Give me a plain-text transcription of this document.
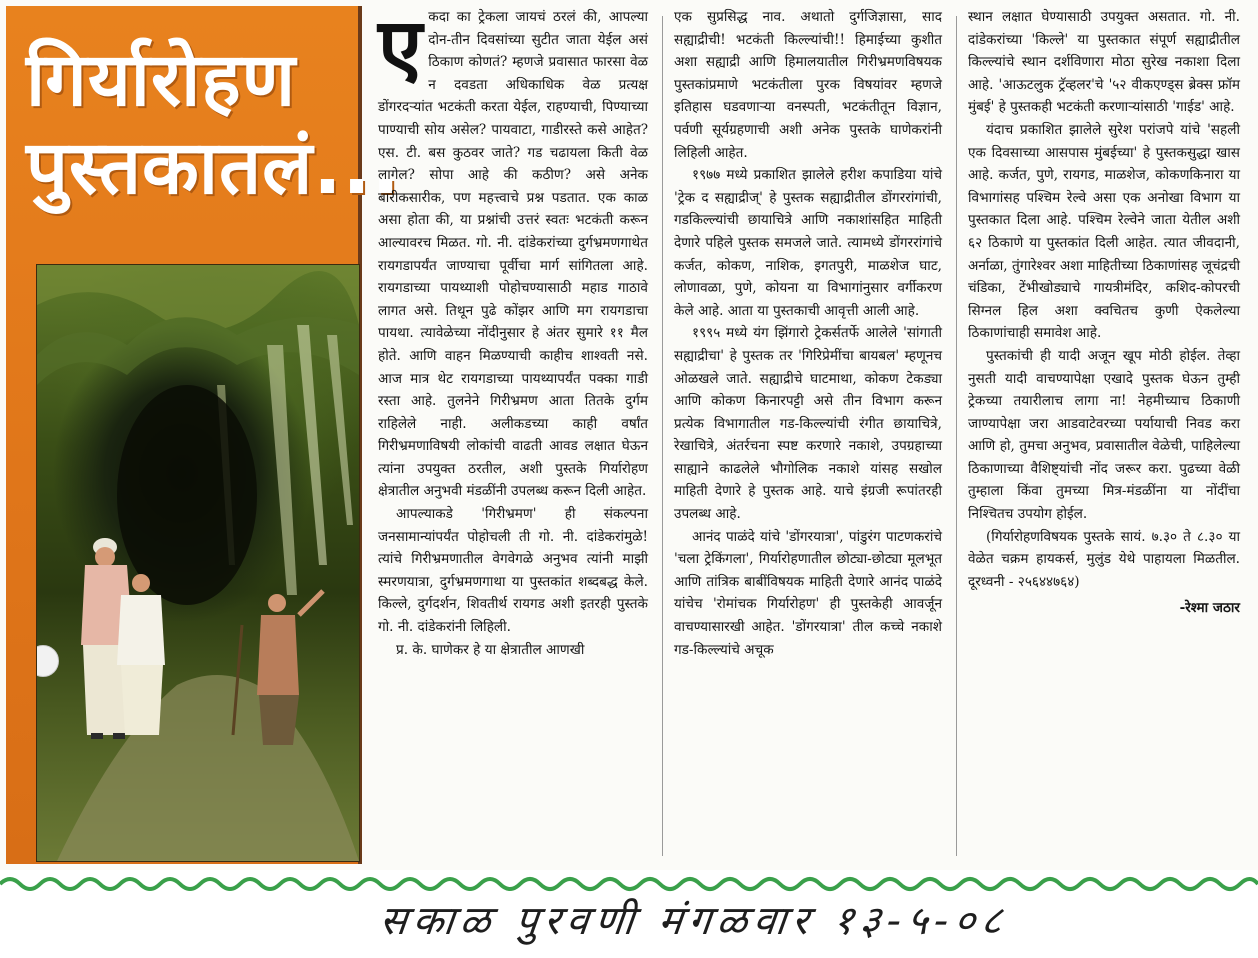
गिर्यारोहण
पुस्तकातलं...

एकदा का ट्रेकला जायचं ठरलं की, आपल्या दोन-तीन दिवसांच्या सुटीत जाता येईल असं ठिकाण कोणतं? म्हणजे प्रवासात फारसा वेळ न दवडता अधिकाधिक वेळ प्रत्यक्ष डोंगरदऱ्यांत भटकंती करता येईल, राहण्याची, पिण्याच्या पाण्याची सोय असेल? पायवाटा, गाडीरस्ते कसे आहेत? एस. टी. बस कुठवर जाते? गड चढायला किती वेळ लागेल? सोपा आहे की कठीण? असे अनेक बारीकसारीक, पण महत्त्वाचे प्रश्न पडतात. एक काळ असा होता की, या प्रश्नांची उत्तरं स्वतः भटकंती करून आल्यावरच मिळत. गो. नी. दांडेकरांच्या दुर्गभ्रमणगाथेत रायगडापर्यंत जाण्याचा पूर्वीचा मार्ग सांगितला आहे. रायगडाच्या पायथ्याशी पोहोचण्यासाठी महाड गाठावे लागत असे. तिथून पुढे कोंझर आणि मग रायगडाचा पायथा. त्यावेळेच्या नोंदीनुसार हे अंतर सुमारे ११ मैल होते. आणि वाहन मिळण्याची काहीच शाश्वती नसे. आज मात्र थेट रायगडाच्या पायथ्यापर्यंत पक्का गाडी रस्ता आहे. तुलनेने गिरीभ्रमण आता तितके दुर्गम राहिलेले नाही. अलीकडच्या काही वर्षांत गिरीभ्रमणाविषयी लोकांची वाढती आवड लक्षात घेऊन त्यांना उपयुक्त ठरतील, अशी पुस्तके गिर्यारोहण क्षेत्रातील अनुभवी मंडळींनी उपलब्ध करून दिली आहेत.

आपल्याकडे 'गिरीभ्रमण' ही संकल्पना जनसामान्यांपर्यंत पोहोचली ती गो. नी. दांडेकरांमुळे! त्यांचे गिरीभ्रमणातील वेगवेगळे अनुभव त्यांनी माझी स्मरणयात्रा, दुर्गभ्रमणगाथा या पुस्तकांत शब्दबद्ध केले. किल्ले, दुर्गदर्शन, शिवतीर्थ रायगड अशी इतरही पुस्तके गो. नी. दांडेकरांनी लिहिली.

प्र. के. घाणेकर हे या क्षेत्रातील आणखी

एक सुप्रसिद्ध नाव. अथातो दुर्गजिज्ञासा, साद सह्याद्रीची! भटकंती किल्ल्यांची!! हिमाईच्या कुशीत अशा सह्याद्री आणि हिमालयातील गिरीभ्रमणविषयक पुस्तकांप्रमाणे भटकंतीला पुरक विषयांवर म्हणजे इतिहास घडवणाऱ्या वनस्पती, भटकंतीतून विज्ञान, पर्वणी सूर्यग्रहणाची अशी अनेक पुस्तके घाणेकरांनी लिहिली आहेत.

१९७७ मध्ये प्रकाशित झालेले हरीश कपाडिया यांचे 'ट्रेक द सह्याद्रीज्' हे पुस्तक सह्याद्रीतील डोंगररांगांची, गडकिल्ल्यांची छायाचित्रे आणि नकाशांसहित माहिती देणारे पहिले पुस्तक समजले जाते. त्यामध्ये डोंगररांगांचे कर्जत, कोकण, नाशिक, इगतपुरी, माळशेज घाट, लोणावळा, पुणे, कोयना या विभागांनुसार वर्गीकरण केले आहे. आता या पुस्तकाची आवृत्ती आली आहे.

१९९५ मध्ये यंग झिंगारो ट्रेकर्सतर्फे आलेले 'सांगाती सह्याद्रीचा' हे पुस्तक तर 'गिरिप्रेमींचा बायबल' म्हणूनच ओळखले जाते. सह्याद्रीचे घाटमाथा, कोकण टेकड्या आणि कोकण किनारपट्टी असे तीन विभाग करून प्रत्येक विभागातील गड-किल्ल्यांची रंगीत छायाचित्रे, रेखाचित्रे, अंतर्रचना स्पष्ट करणारे नकाशे, उपग्रहाच्या साह्याने काढलेले भौगोलिक नकाशे यांसह सखोल माहिती देणारे हे पुस्तक आहे. याचे इंग्रजी रूपांतरही उपलब्ध आहे.

आनंद पाळंदे यांचे 'डोंगरयात्रा', पांडुरंग पाटणकरांचे 'चला ट्रेकिंगला', गिर्यारोहणातील छोट्या-छोट्या मूलभूत आणि तांत्रिक बाबींविषयक माहिती देणारे आनंद पाळंदे यांचेच 'रोमांचक गिर्यारोहण' ही पुस्तकेही आवर्जून वाचण्यासारखी आहेत. 'डोंगरयात्रा' तील कच्चे नकाशे गड-किल्ल्यांचे अचूक

स्थान लक्षात घेण्यासाठी उपयुक्त असतात. गो. नी. दांडेकरांच्या 'किल्ले' या पुस्तकात संपूर्ण सह्याद्रीतील किल्ल्यांचे स्थान दर्शविणारा मोठा सुरेख नकाशा दिला आहे. 'आऊटलुक ट्रॅव्हलर'चे '५२ वीकएण्ड्स ब्रेक्स फ्रॉम मुंबई' हे पुस्तकही भटकंती करणाऱ्यांसाठी 'गाईड' आहे.

यंदाच प्रकाशित झालेले सुरेश परांजपे यांचे 'सहली एक दिवसाच्या आसपास मुंबईच्या' हे पुस्तकसुद्धा खास आहे. कर्जत, पुणे, रायगड, माळशेज, कोकणकिनारा या विभागांसह पश्चिम रेल्वे असा एक अनोखा विभाग या पुस्तकात दिला आहे. पश्चिम रेल्वेने जाता येतील अशी ६२ ठिकाणे या पुस्तकांत दिली आहेत. त्यात जीवदानी, अर्नाळा, तुंगारेश्वर अशा माहितीच्या ठिकाणांसह जूचंद्रची चंडिका, टेंभीखोड्याचे गायत्रीमंदिर, कशिद-कोपरची सिग्नल हिल अशा क्वचितच कुणी ऐकलेल्या ठिकाणांचाही समावेश आहे.

पुस्तकांची ही यादी अजून खूप मोठी होईल. तेव्हा नुसती यादी वाचण्यापेक्षा एखादे पुस्तक घेऊन तुम्ही ट्रेकच्या तयारीलाच लागा ना! नेहमीच्याच ठिकाणी जाण्यापेक्षा जरा आडवाटेवरच्या पर्यायाची निवड करा आणि हो, तुमचा अनुभव, प्रवासातील वेळेची, पाहिलेल्या ठिकाणाच्या वैशिष्ट्यांची नोंद जरूर करा. पुढच्या वेळी तुम्हाला किंवा तुमच्या मित्र-मंडळींना या नोंदींचा निश्चितच उपयोग होईल.

(गिर्यारोहणविषयक पुस्तके सायं. ७.३० ते ८.३० या वेळेत चक्रम हायकर्स, मुलुंड येथे पाहायला मिळतील. दूरध्वनी - २५६४४७६४)

-रेश्मा जठार
सकाळ पुरवणी मंगळवार १३-५-०८
